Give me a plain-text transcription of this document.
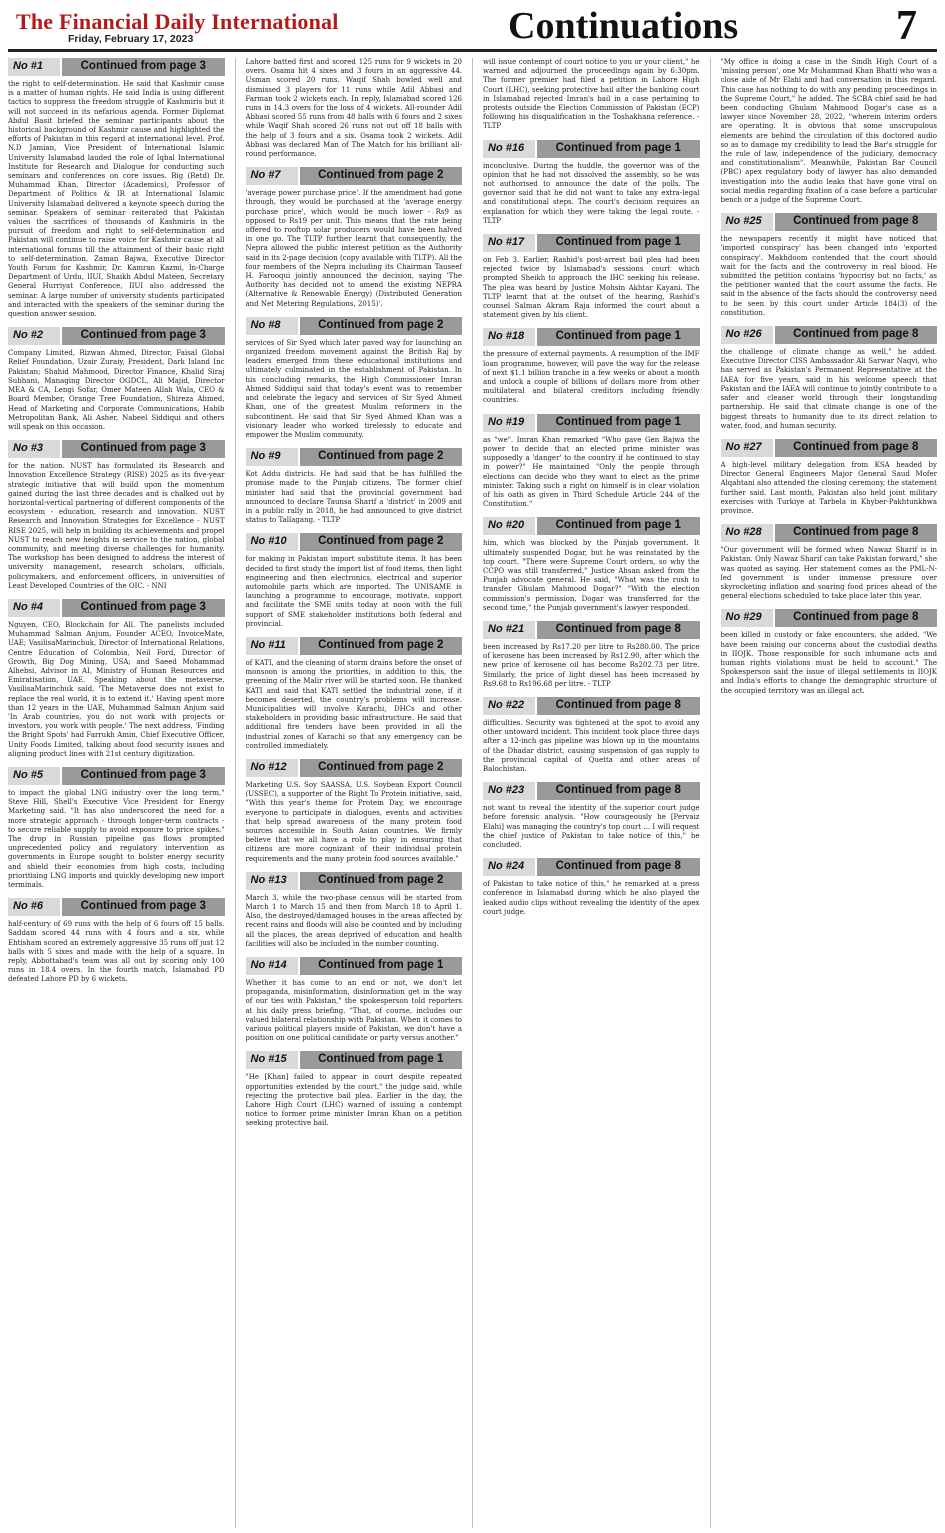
The Financial Daily International
Friday, February 17, 2023	Continuations	7
No #1	Continued from page 3
the right to self-determination. He said that Kashmir cause is a matter of human rights. He said India is using different tactics to suppress the freedom struggle of Kashmiris but it will not succeed in its nefarious agenda. Former Diplomat Abdul Basit briefed the seminar participants about the historical background of Kashmir cause and highlighted the efforts of Pakistan in this regard at international level. Prof. N.D Jamian, Vice President of International Islamic University Islamabad lauded the role of Iqbal International Institute for Research and Dialogue for conducting such seminars and conferences on core issues. Big (Retd) Dr. Muhammad Khan, Director (Academics), Professor of Department of Politics & IR at International Islamic University Islamabad delivered a keynote speech during the seminar. Speakers of seminar reiterated that Pakistan values the sacrifices of thousands of Kashmiris in the pursuit of freedom and right to self-determination and Pakistan will continue to raise voice for Kashmir cause at all international forums till the attainment of their basic right to self-determination. Zaman Bajwa, Executive Director Youth Forum for Kashmir, Dr. Kamran Kazmi, In-Charge Department of Urdu, IIUI, Shaikh Abdul Mateen, Secretary General Hurriyat Conference, IIUI also addressed the seminar. A large number of university students participated and interacted with the speakers of the seminar during the question answer session.
No #2	Continued from page 3
Company Limited, Rizwan Ahmed, Director, Faisal Global Relief Foundation, Uzair Zuraiy, President, Dark Island Inc Pakistan; Shahid Mahmood, Director Finance, Khalid Siraj Subhani, Managing Director OGDCL, Ali Majid, Director MEA & CA, Lengi Sofar, Omer Mateen Allah Wala, CEO & Board Member, Orange Tree Foundation, Shireza Ahmed, Head of Marketing and Corporate Communications, Habib Metropolitan Bank, Ali Asher, Nabeel Siddiqui and others will speak on this occasion.
No #3	Continued from page 3
for the nation. NUST has formulated its Research and Innovation Excellence Strategy (RISE) 2025 as its five-year strategic initiative that will build upon the momentum gained during the last three decades and is chalked out by horizontal-vertical partnering of different components of the ecosystem - education, research and innovation. NUST Research and Innovation Strategies for Excellence - NUST RISE 2025, will help in building its achievements and propel NUST to reach new heights in service to the nation, global community, and meeting diverse challenges for humanity. The workshop has been designed to address the interest of university management, research scholars, officials, policymakers, and enforcement officers, in universities of Least Developed Countries of the OIC. - NNI
No #4	Continued from page 3
Nguyen, CEO, Blockchain for All. The panelists included Muhammad Salman Anjum, Founder ACEO, InvoiceMate, UAE; VasilisaMarinchuk, Director of International Relations, Centre Education of Colombia, Neil Ford, Director of Growth, Big Dog Mining, USA; and Saeed Mohammad Alhebsi, Advisor in AI, Ministry of Human Resources and Emiratisation, UAE. Speaking about the metaverse, VasilisaMarinchuk said, 'The Metaverse does not exist to replace the real world, it is to extend it.' Having spent more than 12 years in the UAE, Muhammad Salman Anjum said 'In Arab countries, you do not work with projects or investors, you work with people.' The next address, 'Finding the Bright Spots' had Farrukh Amin, Chief Executive Officer, Unity Foods Limited, talking about food security issues and aligning product lines with 21st century digitization.
No #5	Continued from page 3
to impact the global LNG industry over the long term," Steve Hill, Shell's Executive Vice President for Energy Marketing said. "It has also underscored the need for a more strategic approach - through longer-term contracts - to secure reliable supply to avoid exposure to price spikes." The drop in Russian pipeline gas flows prompted unprecedented policy and regulatory intervention as governments in Europe sought to bolster energy security and shield their economies from high costs, including prioritising LNG imports and quickly developing new import terminals.
No #6	Continued from page 3
half-century of 69 runs with the help of 6 fours off 15 balls. Saddam scored 44 runs with 4 fours and a six, while Ehtisham scored an extremely aggressive 35 runs off just 12 balls with 5 sixes and made with the help of a square. In reply, Abbottabad's team was all out by scoring only 100 runs in 18.4 overs. In the fourth match, Islamabad PD defeated Lahore PD by 6 wickets.
Lahore batted first and scored 125 runs for 9 wickets in 20 overs. Osama hit 4 sixes and 3 fours in an aggressive 44. Usman scored 20 runs. Waqif Shah bowled well and dismissed 3 players for 11 runs while Adil Abbasi and Farman took 2 wickets each. In reply, Islamabad scored 126 runs in 14.3 overs for the loss of 4 wickets. All-rounder Adil Abbasi scored 55 runs from 48 balls with 6 fours and 2 sixes while Waqif Shah scored 26 runs not out off 18 balls with the help of 3 fours and a six. Osama took 2 wickets. Adil Abbasi was declared Man of The Match for his brilliant all-round performance.
No #7	Continued from page 2
'average power purchase price'. If the amendment had gone through, they would be purchased at the 'average energy purchase price', which would be much lower - Rs9 as opposed to Rs19 per unit. This means that the rate being offered to rooftop solar producers would have been halved in one go. The TLTP further learnt that consequently, the Nepra allowed the public interest petition as the Authority said in its 2-page decision (copy available with TLTP). All the four members of the Nepra including its Chairman Tauseef H. Farooqui jointly announced the decision, saying 'The Authority has decided not to amend the existing NEPRA (Alternative & Renewable Energy) (Distributed Generation and Net Metering Regulations, 2015)'.
No #8	Continued from page 2
services of Sir Syed which later paved way for launching an organized freedom movement against the British Raj by leaders emerged from these educational institutions and ultimately culminated in the establishment of Pakistan. In his concluding remarks, the High Commissioner Imran Ahmed Siddiqui said that today's event was to remember and celebrate the legacy and services of Sir Syed Ahmed Khan, one of the greatest Muslim reformers in the subcontinent. He said that Sir Syed Ahmed Khan was a visionary leader who worked tirelessly to educate and empower the Muslim community.
No #9	Continued from page 2
Kot Addu districts. He had said that he has fulfilled the promise made to the Punjab citizens. The former chief minister had said that the provincial government had announced to declare Taunsa Sharif a 'district' in 2009 and in a public rally in 2018, he had announced to give district status to Tallagang. - TLTP
No #10	Continued from page 2
for making in Pakistan import substitute items. It has been decided to first study the import list of food items, then light engineering and then electronics, electrical and superior automobile parts which are imported. The UNISAME is launching a programme to encourage, motivate, support and facilitate the SME units today at noon with the full support of SME stakeholder institutions both federal and provincial.
No #11	Continued from page 2
of KATI, and the cleaning of storm drains before the onset of monsoon is among the priorities, in addition to this, the greening of the Malir river will be started soon. He thanked KATI and said that KATI settled the industrial zone, if it becomes deserted, the country's problems will increase. Municipalities will involve Karachi, DHCs and other stakeholders in providing basic infrastructure. He said that additional fire tenders have been provided in all the industrial zones of Karachi so that any emergency can be controlled immediately.
No #12	Continued from page 2
Marketing U.S. Soy SAASSA, U.S. Soybean Export Council (USSEC), a supporter of the Right To Protein initiative, said, "With this year's theme for Protein Day, we encourage everyone to participate in dialogues, events and activities that help spread awareness of the many protein food sources accessible in South Asian countries. We firmly believe that we all have a role to play in ensuring that citizens are more cognizant of their individual protein requirements and the many protein food sources available."
No #13	Continued from page 2
March 3, while the two-phase census will be started from March 1 to March 15 and then from March 18 to April 1. Also, the destroyed/damaged houses in the areas affected by recent rains and floods will also be counted and by including all the places, the areas deprived of education and health facilities will also be included in the number counting.
No #14	Continued from page 1
Whether it has come to an end or not, we don't let propaganda, misinformation, disinformation get in the way of our ties with Pakistan," the spokesperson told reporters at his daily press briefing. "That, of course, includes our valued bilateral relationship with Pakistan. When it comes to various political players inside of Pakistan, we don't have a position on one political candidate or party versus another."
No #15	Continued from page 1
"He [Khan] failed to appear in court despite repeated opportunities extended by the court," the judge said, while rejecting the protective bail plea. Earlier in the day, the Lahore High Court (LHC) warned of issuing a contempt notice to former prime minister Imran Khan on a petition seeking protective bail.
will issue contempt of court notice to you or your client," he warned and adjourned the proceedings again by 6:30pm. The former premier had filed a petition in Lahore High Court (LHC), seeking protective bail after the banking court in Islamabad rejected Imran's bail in a case pertaining to protests outside the Election Commission of Pakistan (ECP) following his disqualification in the Toshakhana reference. - TLTP
No #16	Continued from page 1
inconclusive. During the huddle, the governor was of the opinion that he had not dissolved the assembly, so he was not authorised to announce the date of the polls. The governor said that he did not want to take any extra-legal and constitutional steps. The court's decision requires an explanation for which they were taking the legal route. - TLTP
No #17	Continued from page 1
on Feb 3. Earlier, Rashid's post-arrest bail plea had been rejected twice by Islamabad's sessions court which prompted Sheikh to approach the IHC seeking his release. The plea was heard by Justice Mohsin Akhtar Kayani. The TLTP learnt that at the outset of the hearing, Rashid's counsel Salman Akram Raja informed the court about a statement given by his client.
No #18	Continued from page 1
the pressure of external payments. A resumption of the IMF loan programme, however, will pave the way for the release of next $1.1 billion tranche in a few weeks or about a month and unlock a couple of billions of dollars more from other multilateral and bilateral creditors including friendly countries.
No #19	Continued from page 1
as "we". Imran Khan remarked "Who gave Gen Bajwa the power to decide that an elected prime minister was supposedly a 'danger' to the country if he continued to stay in power?" He maintained "Only the people through elections can decide who they want to elect as the prime minister. Taking such a right on himself is in clear violation of his oath as given in Third Schedule Article 244 of the Constitution."
No #20	Continued from page 1
him, which was blocked by the Punjab government. It ultimately suspended Dogar, but he was reinstated by the top court. "There were Supreme Court orders, so why the CCPO was still transferred," Justice Ahsan asked from the Punjab advocate general. He said, "What was the rush to transfer Ghulam Mahmood Dogar?" "With the election commission's permission, Dogar was transferred for the second time," the Punjab government's lawyer responded.
No #21	Continued from page 8
been increased by Rs17.20 per litre to Rs280.00. The price of kerosene has been increased by Rs12.90, after which the new price of kerosene oil has become Rs202.73 per litre. Similarly, the price of light diesel has been increased by Rs9.68 to Rs196.68 per litre. - TLTP
No #22	Continued from page 8
difficulties. Security was tightened at the spot to avoid any other untoward incident. This incident took place three days after a 12-inch gas pipeline was blown up in the mountains of the Dhadar district, causing suspension of gas supply to the provincial capital of Quetta and other areas of Balochistan.
No #23	Continued from page 8
not want to reveal the identity of the superior court judge before forensic analysis. "How courageously he [Pervaiz Elahi] was managing the country's top court ... I will request the chief justice of Pakistan to take notice of this," he concluded.
No #24	Continued from page 8
of Pakistan to take notice of this," he remarked at a press conference in Islamabad during which he also played the leaked audio clips without revealing the identity of the apex court judge.
"My office is doing a case in the Sindh High Court of a 'missing person', one Mr Muhammad Khan Bhatti who was a close aide of Mr Elahi and had conversation in this regard. This case has nothing to do with any pending proceedings in the Supreme Court," he added. The SCBA chief said he had been conducting Ghulam Mahmood Dogar's case as a lawyer since November 28, 2022, "wherein interim orders are operating. It is obvious that some unscrupulous elements are behind the circulation of this doctored audio so as to damage my credibility to lead the Bar's struggle for the rule of law, independence of the judiciary, democracy and constitutionalism". Meanwhile, Pakistan Bar Council (PBC) apex regulatory body of lawyer has also demanded investigation into the audio leaks that have gone viral on social media regarding fixation of a case before a particular bench or a judge of the Supreme Court.
No #25	Continued from page 8
the newspapers recently it might have noticed that 'imported conspiracy' has been changed into 'exported conspiracy'. Makhdoom contended that the court should wait for the facts and the controversy in real blood. He submitted the petition contains 'hypocrisy but no facts,' as the petitioner wanted that the court assume the facts. He said in the absence of the facts should the controversy need to be seen by this court under Article 184(3) of the constitution.
No #26	Continued from page 8
the challenge of climate change as well," he added. Executive Director CISS Ambassador Ali Sarwar Naqvi, who has served as Pakistan's Permanent Representative at the IAEA for five years, said in his welcome speech that Pakistan and the IAEA will continue to jointly contribute to a safer and cleaner world through their longstanding partnership. He said that climate change is one of the biggest threats to humanity due to its direct relation to water, food, and human security.
No #27	Continued from page 8
A high-level military delegation from KSA headed by Director General Engineers Major General Saud Mofer Alqahtani also attended the closing ceremony, the statement further said. Last month, Pakistan also held joint military exercises with Turkiye at Tarbela in Khyber-Pakhtunkhwa province.
No #28	Continued from page 8
"Our government will be formed when Nawaz Sharif is in Pakistan. Only Nawaz Sharif can take Pakistan forward," she was quoted as saying. Her statement comes as the PML-N-led government is under immense pressure over skyrocketing inflation and soaring food prices ahead of the general elections scheduled to take place later this year.
No #29	Continued from page 8
been killed in custody or fake encounters, she added. "We have been raising our concerns about the custodial deaths in IIOJK. Those responsible for such inhumane acts and human rights violations must be held to account." The Spokesperson said the issue of illegal settlements in IIOJK and India's efforts to change the demographic structure of the occupied territory was an illegal act.
